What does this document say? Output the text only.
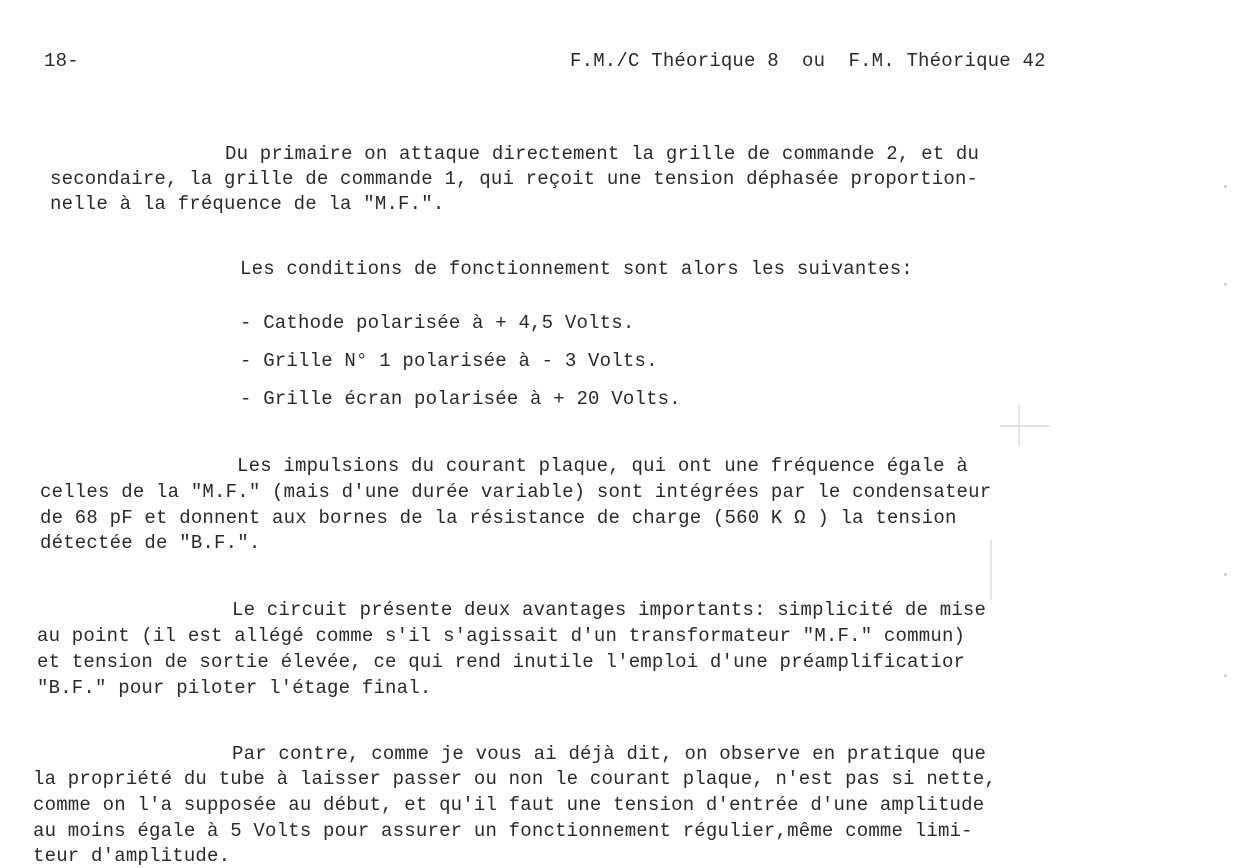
18-	F.M./C Théorique 8  ou  F.M. Théorique 42
Du primaire on attaque directement la grille de commande 2, et du
secondaire, la grille de commande 1, qui reçoit une tension déphasée proportion-
nelle à la fréquence de la "M.F.".
Les conditions de fonctionnement sont alors les suivantes:
- Cathode polarisée à + 4,5 Volts.
- Grille N° 1 polarisée à - 3 Volts.
- Grille écran polarisée à + 20 Volts.
Les impulsions du courant plaque, qui ont une fréquence égale à
celles de la "M.F." (mais d'une durée variable) sont intégrées par le condensateur
de 68 pF et donnent aux bornes de la résistance de charge (560 K Ω ) la tension
détectée de "B.F.".
Le circuit présente deux avantages importants: simplicité de mise
au point (il est allégé comme s'il s'agissait d'un transformateur "M.F." commun)
et tension de sortie élevée, ce qui rend inutile l'emploi d'une préamplificatior
"B.F." pour piloter l'étage final.
Par contre, comme je vous ai déjà dit, on observe en pratique que
la propriété du tube à laisser passer ou non le courant plaque, n'est pas si nette,
comme on l'a supposée au début, et qu'il faut une tension d'entrée d'une amplitude
au moins égale à 5 Volts pour assurer un fonctionnement régulier,même comme limi-
teur d'amplitude.
